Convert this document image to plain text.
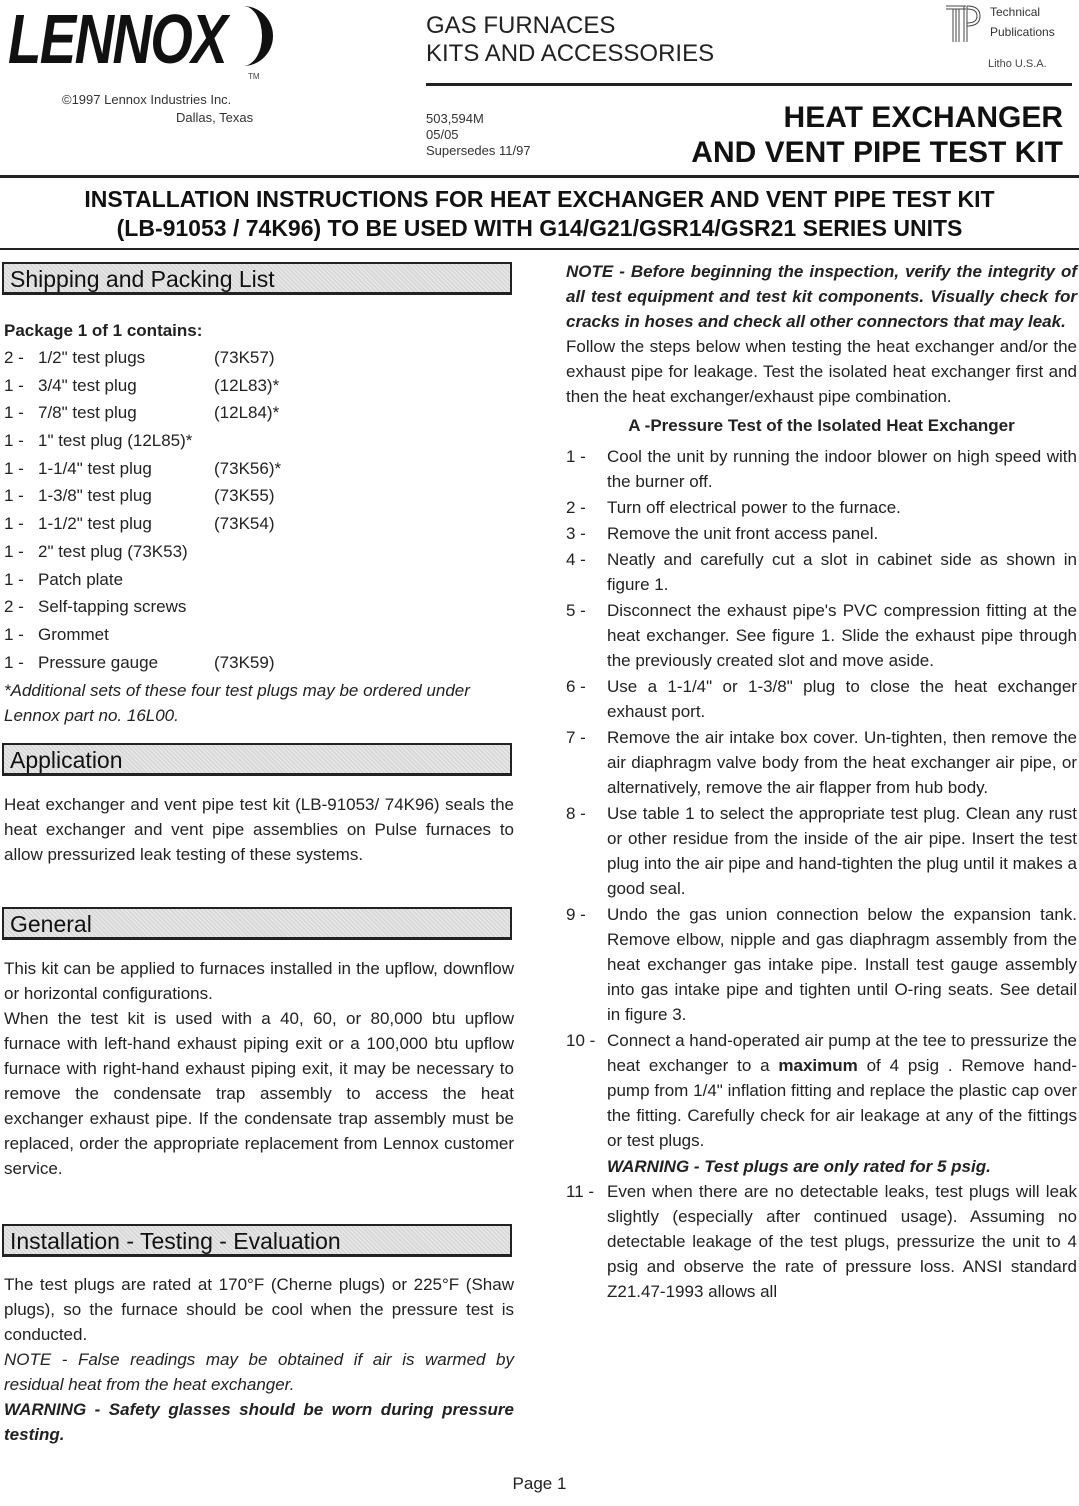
LENNOX	TM
©1997 Lennox Industries Inc.
Dallas, Texas
GAS FURNACES
KITS AND ACCESSORIES
Technical
Publications
Litho U.S.A.
503,594M
05/05
Supersedes 11/97
HEAT EXCHANGER
AND VENT PIPE TEST KIT
INSTALLATION INSTRUCTIONS FOR HEAT EXCHANGER AND VENT PIPE TEST KIT
(LB-91053 / 74K96) TO BE USED WITH G14/G21/GSR14/GSR21 SERIES UNITS
Shipping and Packing List

Package 1 of 1 contains:

2 - 1/2" test plugs	(73K57)
1 - 3/4" test plug	(12L83)*
1 - 7/8" test plug	(12L84)*
1 - 1" test plug (12L85)*
1 - 1-1/4" test plug	(73K56)*
1 - 1-3/8" test plug	(73K55)
1 - 1-1/2" test plug	(73K54)
1 - 2" test plug (73K53)
1 - Patch plate
2 - Self-tapping screws
1 - Grommet
1 - Pressure gauge	(73K59)

*Additional sets of these four test plugs may be ordered under Lennox part no. 16L00.

Application

Heat exchanger and vent pipe test kit (LB-91053/ 74K96) seals the heat exchanger and vent pipe assemblies on Pulse furnaces to allow pressurized leak testing of these systems.

General

This kit can be applied to furnaces installed in the upflow, downflow or horizontal configurations.

When the test kit is used with a 40, 60, or 80,000 btu upflow furnace with left-hand exhaust piping exit or a 100,000 btu upflow furnace with right-hand exhaust piping exit, it may be necessary to remove the condensate trap assembly to access the heat exchanger exhaust pipe. If the condensate trap assembly must be replaced, order the appropriate replacement from Lennox customer service.

Installation - Testing - Evaluation

The test plugs are rated at 170°F (Cherne plugs) or 225°F (Shaw plugs), so the furnace should be cool when the pressure test is conducted.

NOTE - False readings may be obtained if air is warmed by residual heat from the heat exchanger.

WARNING - Safety glasses should be worn during pressure testing.

NOTE - Before beginning the inspection, verify the integrity of all test equipment and test kit components. Visually check for cracks in hoses and check all other connectors that may leak.

Follow the steps below when testing the heat exchanger and/or the exhaust pipe for leakage. Test the isolated heat exchanger first and then the heat exchanger/exhaust pipe combination.

A -Pressure Test of the Isolated Heat Exchanger

1 -	Cool the unit by running the indoor blower on high speed with the burner off.
2 -	Turn off electrical power to the furnace.
3 -	Remove the unit front access panel.
4 -	Neatly and carefully cut a slot in cabinet side as shown in figure 1.
5 -	Disconnect the exhaust pipe's PVC compression fitting at the heat exchanger. See figure 1. Slide the exhaust pipe through the previously created slot and move aside.
6 -	Use a 1-1/4" or 1-3/8" plug to close the heat exchanger exhaust port.
7 -	Remove the air intake box cover. Un-tighten, then remove the air diaphragm valve body from the heat exchanger air pipe, or alternatively, remove the air flapper from hub body.
8 -	Use table 1 to select the appropriate test plug. Clean any rust or other residue from the inside of the air pipe. Insert the test plug into the air pipe and hand-tighten the plug until it makes a good seal.
9 -	Undo the gas union connection below the expansion tank. Remove elbow, nipple and gas diaphragm assembly from the heat exchanger gas intake pipe. Install test gauge assembly into gas intake pipe and tighten until O-ring seats. See detail in figure 3.
10 - Connect a hand-operated air pump at the tee to pressurize the heat exchanger to a maximum of 4 psig . Remove hand-pump from 1/4" inflation fitting and replace the plastic cap over the fitting. Carefully check for air leakage at any of the fittings or test plugs.

WARNING - Test plugs are only rated for 5 psig.

11 - Even when there are no detectable leaks, test plugs will leak slightly (especially after continued usage). Assuming no detectable leakage of the test plugs, pressurize the unit to 4 psig and observe the rate of pressure loss. ANSI standard Z21.47-1993 allows all
Page 1
